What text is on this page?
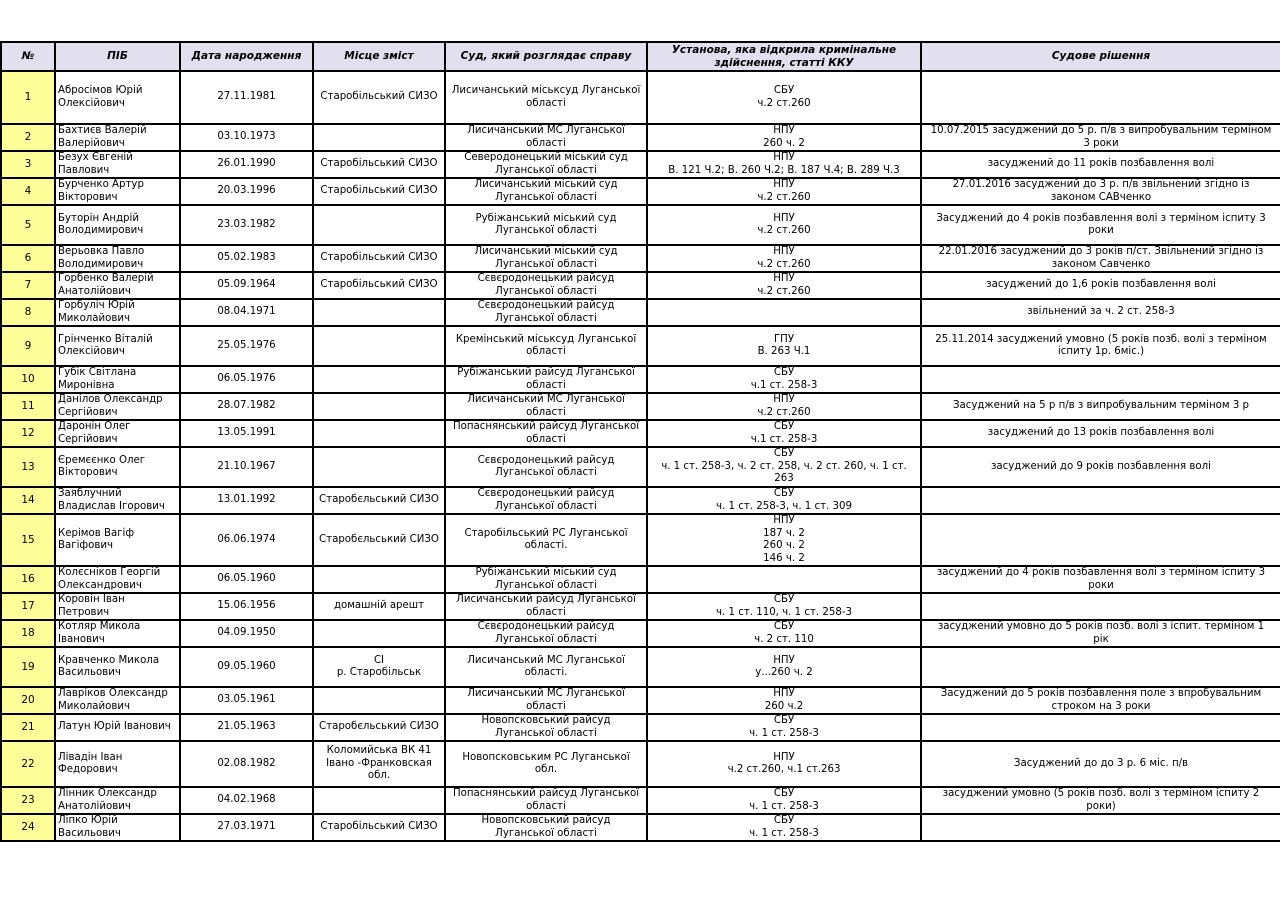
№	ПІБ	Дата народження	Місце зміст	Суд, який розглядає справу	Установа, яка відкрила кримінальне здійснення, статті ККУ	Судове рішення
1	Абросімов Юрій
Олексійович	27.11.1981	Старобільський СИЗО	Лисичанський міськсуд Луганської
області	СБУ
ч.2 ст.260	
2	Бахтиєв Валерій
Валерійович	03.10.1973		Лисичанський МС Луганської
області	НПУ
260 ч. 2	10.07.2015 засуджений до 5 р. п/в з випробувальним терміном
3 роки
3	Безух Євгеній
Павлович	26.01.1990	Старобільський СИЗО	Северодонецький міський суд
Луганської області	НПУ
В. 121 Ч.2; В. 260 Ч.2; В. 187 Ч.4; В. 289 Ч.3	засуджений до 11 років позбавлення волі
4	Бурченко Артур
Вікторович	20.03.1996	Старобільський СИЗО	Лисичанський міський суд
Луганської області	НПУ
ч.2 ст.260	27.01.2016 засуджений до 3 р. п/в звільнений згідно із
законом САВченко
5	Буторін Андрій
Володимирович	23.03.1982		Рубіжанський міський суд
Луганської області	НПУ
ч.2 ст.260	Засуджений до 4 років позбавлення волі з терміном іспиту 3
роки
6	Верьовка Павло
Володимирович	05.02.1983	Старобільський СИЗО	Лисичанський міський суд
Луганської області	НПУ
ч.2 ст.260	22.01.2016 засуджений до 3 років п/ст. Звільнений згідно із
законом Савченко
7	Горбенко Валерій
Анатолійович	05.09.1964	Старобільський СИЗО	Сєвєродонецький райсуд
Луганської області	НПУ
ч.2 ст.260	засуджений до 1,6 років позбавлення волі
8	Горбуліч Юрій
Миколайович	08.04.1971		Сєвєродонецький райсуд
Луганської області		звільнений за ч. 2 ст. 258-3
9	Грінченко Віталій
Олексійович	25.05.1976		Кремінський міськсуд Луганської
області	ГПУ
В. 263 Ч.1	25.11.2014 засуджений умовно (5 років позб. волі з терміном
іспиту 1р. 6міс.)
10	Губік Світлана
Миронівна	06.05.1976		Рубіжанський райсуд Луганської
області	СБУ
ч.1 ст. 258-3	
11	Данілов Олександр
Сергійович	28.07.1982		Лисичанський МС Луганської
області	НПУ
ч.2 ст.260	Засуджений на 5 р п/в з випробувальним терміном 3 р
12	Даронін Олег
Сергійович	13.05.1991		Попаснянський райсуд Луганської
області	СБУ
ч.1 ст. 258-3	засуджений до 13 років позбавлення волі
13	Єремєєнко Олег
Вікторович	21.10.1967		Сєвєродонецький райсуд
Луганської області	СБУ
ч. 1 ст. 258-3, ч. 2 ст. 258, ч. 2 ст. 260, ч. 1 ст.
263	засуджений до 9 років позбавлення волі
14	Заяблучний
Владислав Ігорович	13.01.1992	Старобєльський СИЗО	Сєвєродонецький райсуд
Луганської області	СБУ
ч. 1 ст. 258-3, ч. 1 ст. 309	
15	Керімов Вагіф
Вагіфович	06.06.1974	Старобєльський СИЗО	Старобільський РС Луганської
області.	НПУ
187 ч. 2
260 ч. 2
146 ч. 2	
16	Колєсніков Георгій
Олександрович	06.05.1960		Рубіжанський міський суд
Луганської області		засуджений до 4 років позбавлення волі з терміном іспиту 3
роки
17	Коровін Іван
Петрович	15.06.1956	домашній арешт	Лисичанський райсуд Луганської
області	СБУ
ч. 1 ст. 110, ч. 1 ст. 258-3	
18	Котляр Микола
Іванович	04.09.1950		Сєвєродонецький райсуд
Луганської області	СБУ
ч. 2 ст. 110	засуджений умовно до 5 років позб. волі з іспит. терміном 1
рік
19	Кравченко Микола
Васильович	09.05.1960	СІ
р. Старобільськ	Лисичанський МС Луганської
області.	НПУ
у...260 ч. 2	
20	Лавріков Олександр
Миколайович	03.05.1961		Лисичанський МС Луганської
області	НПУ
260 ч.2	Засуджений до 5 років позбавлення поле з впробувальним
строком на 3 роки
21	Латун Юрій Іванович	21.05.1963	Старобєльський СИЗО	Новопсковський райсуд
Луганської області	СБУ
ч. 1 ст. 258-3	
22	Лівадін Іван
Федорович	02.08.1982	Коломийська ВК 41
Івано -Франковская
обл.	Новопсковським РС Луганської
обл.	НПУ
ч.2 ст.260, ч.1 ст.263	Засуджений до до 3 р. 6 міс. п/в
23	Лінник Олександр
Анатолійович	04.02.1968		Попаснянський райсуд Луганської
області	СБУ
ч. 1 ст. 258-3	засуджений умовно (5 років позб. волі з терміном іспиту 2
роки)
24	Ліпко Юрій
Васильович	27.03.1971	Старобільський СИЗО	Новопсковський райсуд
Луганської області	СБУ
ч. 1 ст. 258-3	
